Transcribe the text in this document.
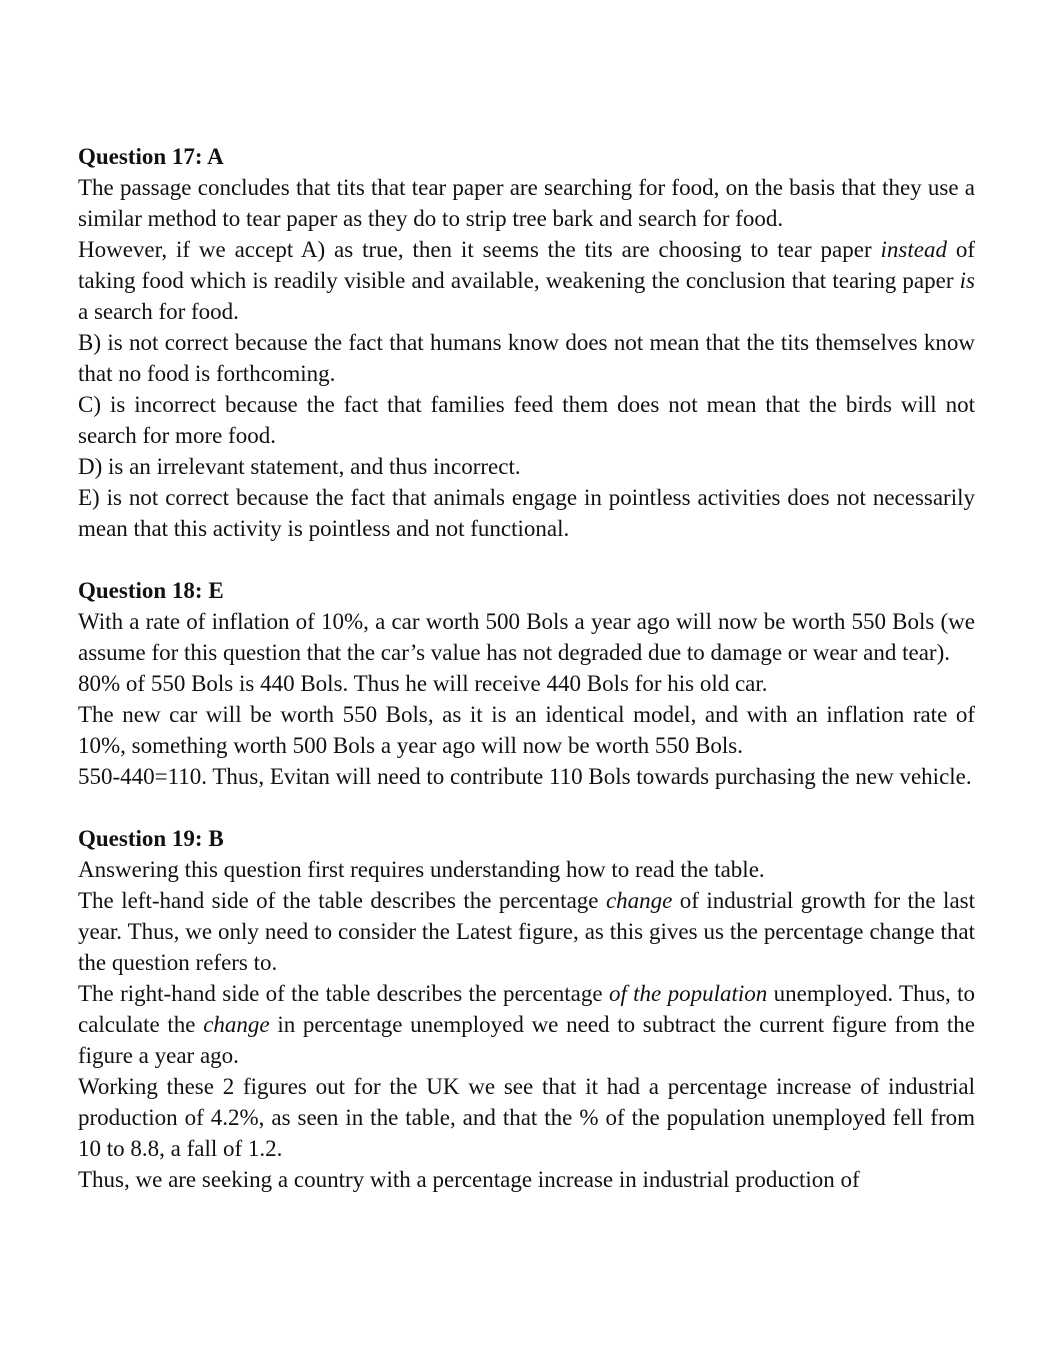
Question 17: A

The passage concludes that tits that tear paper are searching for food, on the basis that they use a similar method to tear paper as they do to strip tree bark and search for food.

However, if we accept A) as true, then it seems the tits are choosing to tear paper instead of taking food which is readily visible and available, weakening the conclusion that tearing paper is a search for food.

B) is not correct because the fact that humans know does not mean that the tits themselves know that no food is forthcoming.

C) is incorrect because the fact that families feed them does not mean that the birds will not search for more food.

D) is an irrelevant statement, and thus incorrect.

E) is not correct because the fact that animals engage in pointless activities does not necessarily mean that this activity is pointless and not functional.

Question 18: E

With a rate of inflation of 10%, a car worth 500 Bols a year ago will now be worth 550 Bols (we assume for this question that the car’s value has not degraded due to damage or wear and tear).

80% of 550 Bols is 440 Bols. Thus he will receive 440 Bols for his old car.

The new car will be worth 550 Bols, as it is an identical model, and with an inflation rate of 10%, something worth 500 Bols a year ago will now be worth 550 Bols.

550-440=110. Thus, Evitan will need to contribute 110 Bols towards purchasing the new vehicle.

Question 19: B

Answering this question first requires understanding how to read the table.

The left-hand side of the table describes the percentage change of industrial growth for the last year. Thus, we only need to consider the Latest figure, as this gives us the percentage change that the question refers to.

The right-hand side of the table describes the percentage of the population unemployed. Thus, to calculate the change in percentage unemployed we need to subtract the current figure from the figure a year ago.

Working these 2 figures out for the UK we see that it had a percentage increase of industrial production of 4.2%, as seen in the table, and that the % of the population unemployed fell from 10 to 8.8, a fall of 1.2.

Thus, we are seeking a country with a percentage increase in industrial production of
